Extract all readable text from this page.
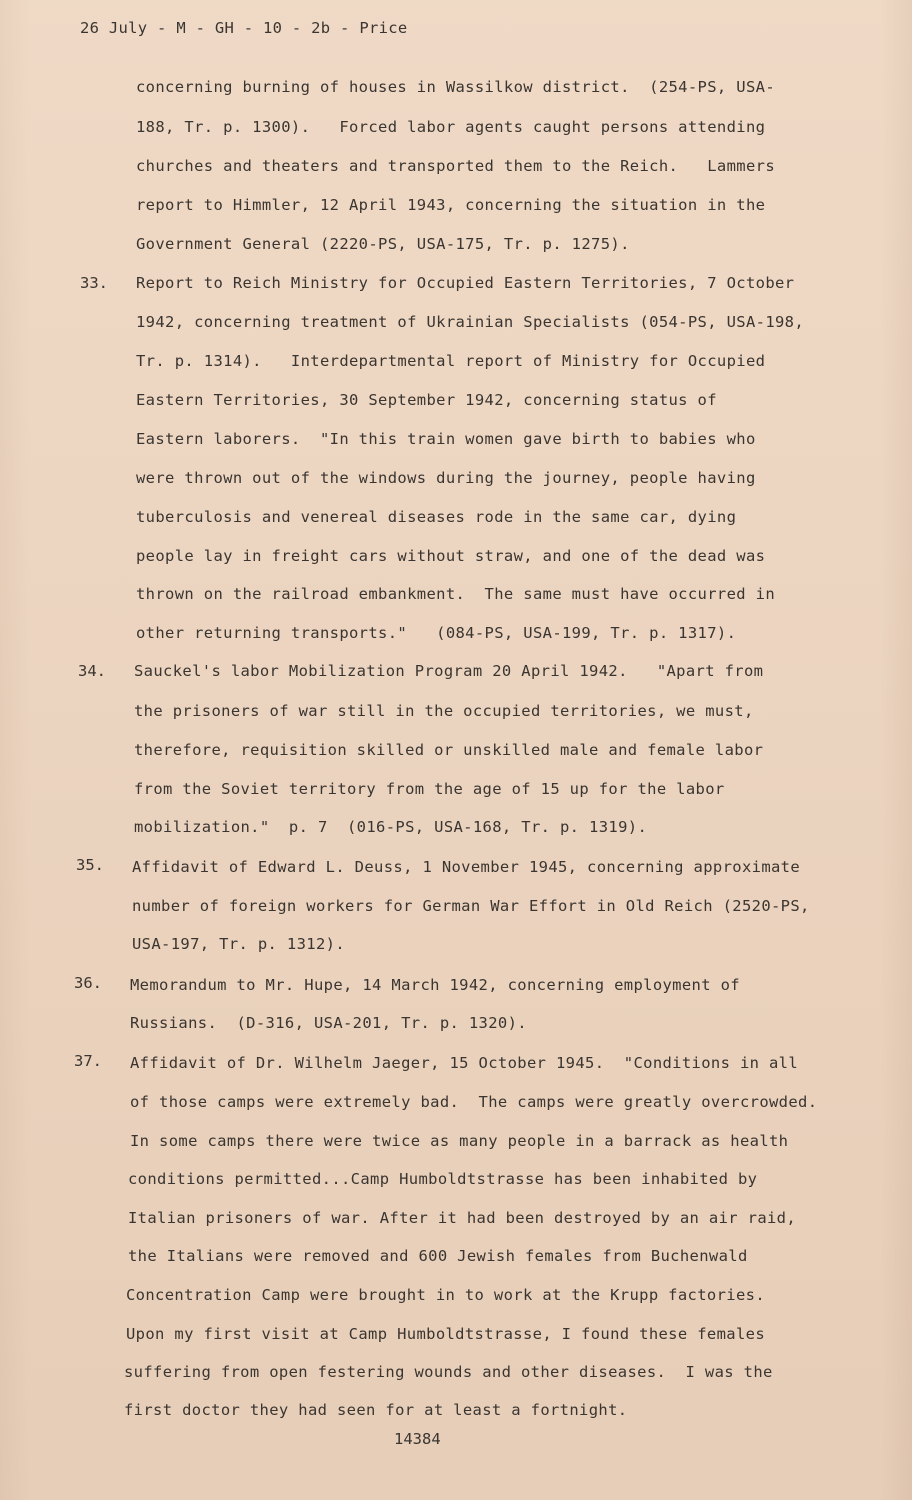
26 July - M - GH - 10 - 2b - Price
concerning burning of houses in Wassilkow district.  (254-PS, USA-
188, Tr. p. 1300).   Forced labor agents caught persons attending
churches and theaters and transported them to the Reich.   Lammers
report to Himmler, 12 April 1943, concerning the situation in the
Government General (2220-PS, USA-175, Tr. p. 1275).
33. Report to Reich Ministry for Occupied Eastern Territories, 7 October
1942, concerning treatment of Ukrainian Specialists (054-PS, USA-198,
Tr. p. 1314).   Interdepartmental report of Ministry for Occupied
Eastern Territories, 30 September 1942, concerning status of
Eastern laborers.  "In this train women gave birth to babies who
were thrown out of the windows during the journey, people having
tuberculosis and venereal diseases rode in the same car, dying
people lay in freight cars without straw, and one of the dead was
thrown on the railroad embankment.  The same must have occurred in
other returning transports."   (084-PS, USA-199, Tr. p. 1317).
34. Sauckel's labor Mobilization Program 20 April 1942.   "Apart from
the prisoners of war still in the occupied territories, we must,
therefore, requisition skilled or unskilled male and female labor
from the Soviet territory from the age of 15 up for the labor
mobilization."  p. 7  (016-PS, USA-168, Tr. p. 1319).
35. Affidavit of Edward L. Deuss, 1 November 1945, concerning approximate
number of foreign workers for German War Effort in Old Reich (2520-PS,
USA-197, Tr. p. 1312).
36. Memorandum to Mr. Hupe, 14 March 1942, concerning employment of
Russians.  (D-316, USA-201, Tr. p. 1320).
37. Affidavit of Dr. Wilhelm Jaeger, 15 October 1945.  "Conditions in all
of those camps were extremely bad.  The camps were greatly overcrowded.
In some camps there were twice as many people in a barrack as health
conditions permitted...Camp Humboldtstrasse has been inhabited by
Italian prisoners of war. After it had been destroyed by an air raid,
the Italians were removed and 600 Jewish females from Buchenwald
Concentration Camp were brought in to work at the Krupp factories.
Upon my first visit at Camp Humboldtstrasse, I found these females
suffering from open festering wounds and other diseases.  I was the
first doctor they had seen for at least a fortnight.
14384
